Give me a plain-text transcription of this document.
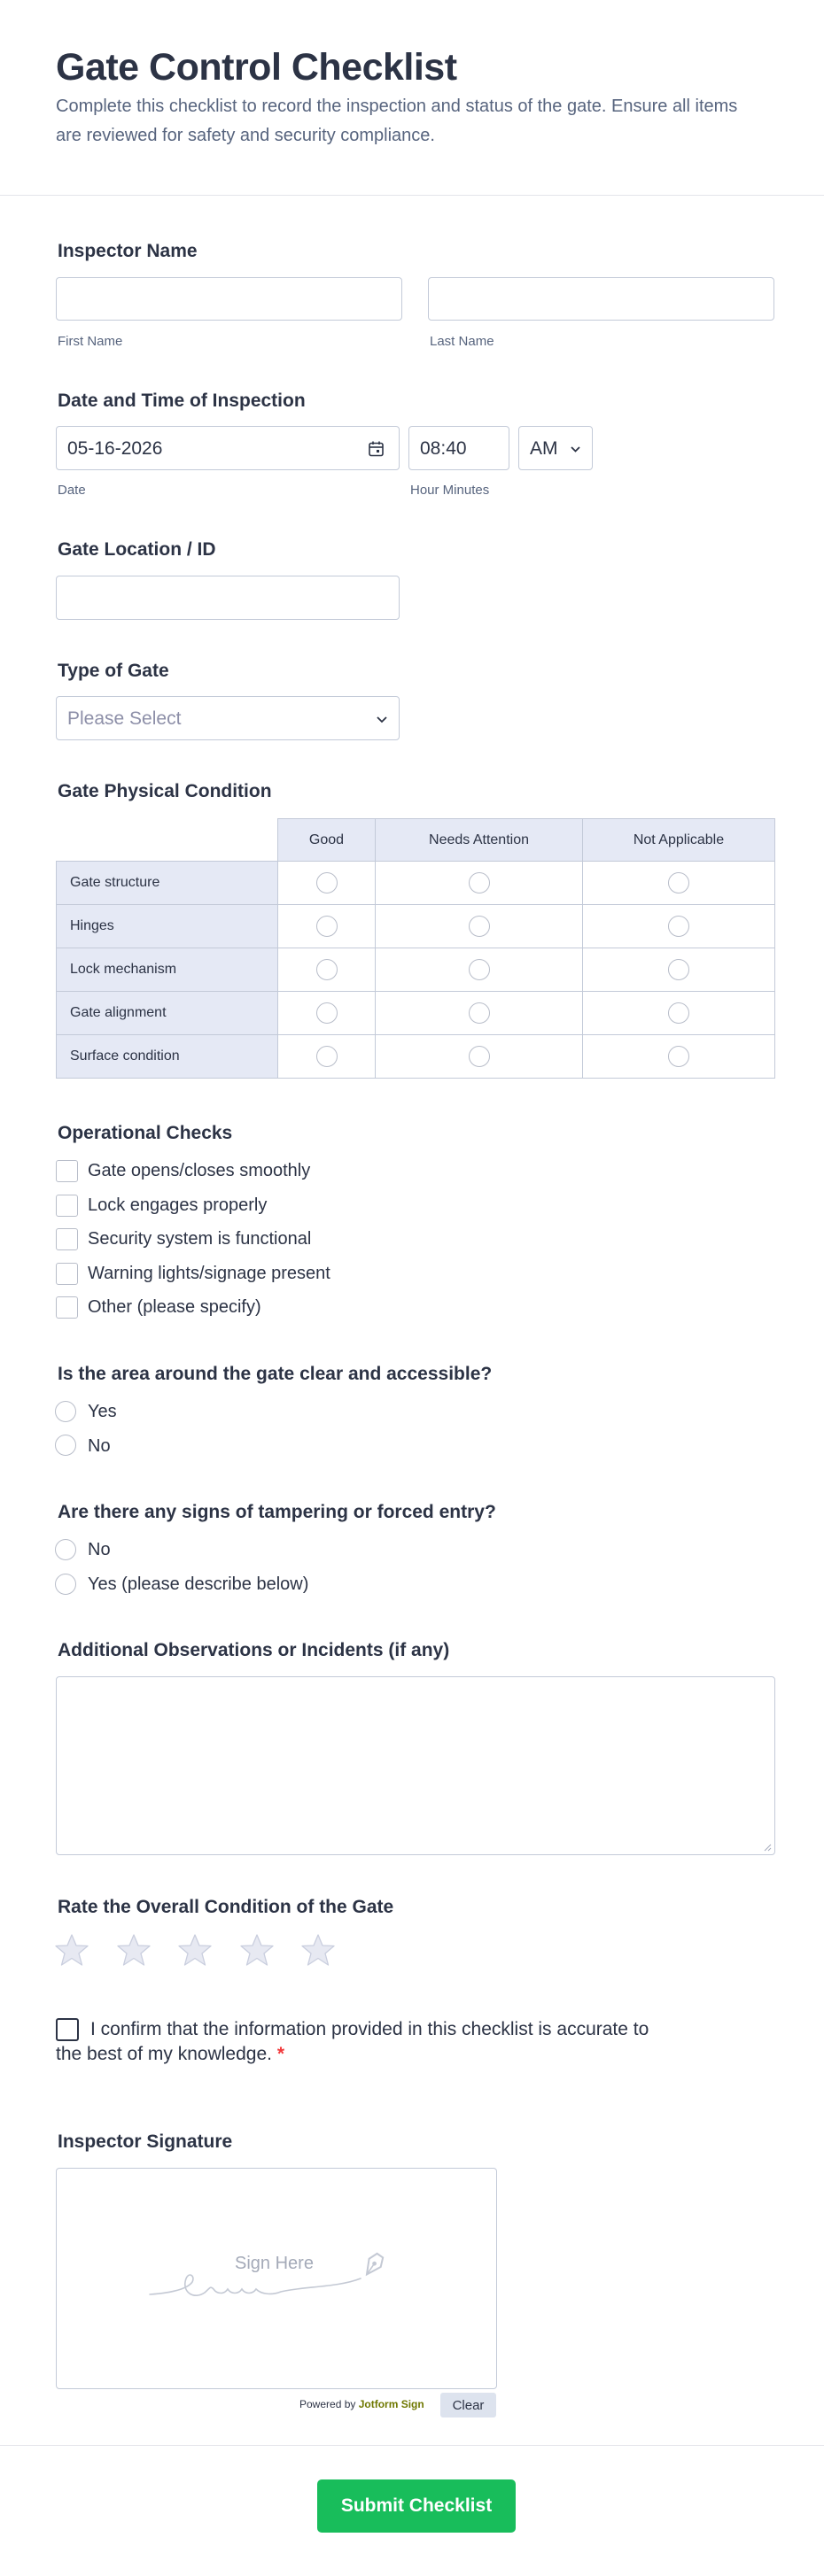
Gate Control Checklist
Complete this checklist to record the inspection and status of the gate. Ensure all items are reviewed for safety and security compliance.
Inspector Name
First Name	Last Name
Date and Time of Inspection
05-16-2026	08:40	AM
Date	Hour Minutes
Gate Location / ID
Type of Gate
Please Select
Gate Physical Condition
Good	Needs Attention	Not Applicable
Gate structure
Hinges
Lock mechanism
Gate alignment
Surface condition
Operational Checks
Gate opens/closes smoothly
Lock engages properly
Security system is functional
Warning lights/signage present
Other (please specify)
Is the area around the gate clear and accessible?
Yes
No
Are there any signs of tampering or forced entry?
No
Yes (please describe below)
Additional Observations or Incidents (if any)
Rate the Overall Condition of the Gate
I confirm that the information provided in this checklist is accurate to the best of my knowledge. *
Inspector Signature
Sign Here
Powered by Jotform Sign	Clear
Submit Checklist
